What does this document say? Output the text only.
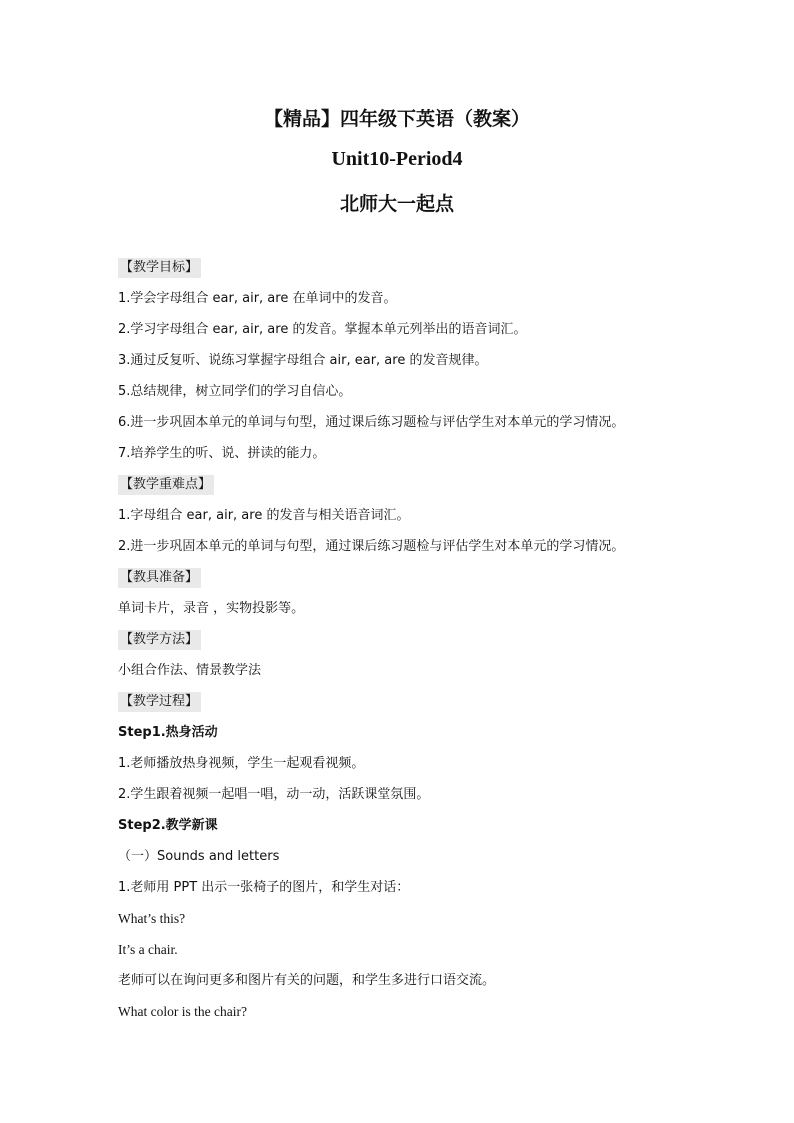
【精品】四年级下英语（教案）
Unit10-Period4
北师大一起点
【教学目标】
1.学会字母组合 ear, air, are 在单词中的发音。
2.学习字母组合 ear, air, are 的发音。掌握本单元列举出的语音词汇。
3.通过反复听、说练习掌握字母组合 air, ear, are 的发音规律。
5.总结规律，树立同学们的学习自信心。
6.进一步巩固本单元的单词与句型，通过课后练习题检与评估学生对本单元的学习情况。
7.培养学生的听、说、拼读的能力。
【教学重难点】
1.字母组合 ear, air, are 的发音与相关语音词汇。
2.进一步巩固本单元的单词与句型，通过课后练习题检与评估学生对本单元的学习情况。
【教具准备】
单词卡片，录音 ，实物投影等。
【教学方法】
小组合作法、情景教学法
【教学过程】
Step1.热身活动
1.老师播放热身视频，学生一起观看视频。
2.学生跟着视频一起唱一唱，动一动，活跃课堂氛围。
Step2.教学新课
（一）Sounds and letters
1.老师用 PPT 出示一张椅子的图片，和学生对话：
What’s this?
It’s a chair.
老师可以在询问更多和图片有关的问题，和学生多进行口语交流。
What color is the chair?
